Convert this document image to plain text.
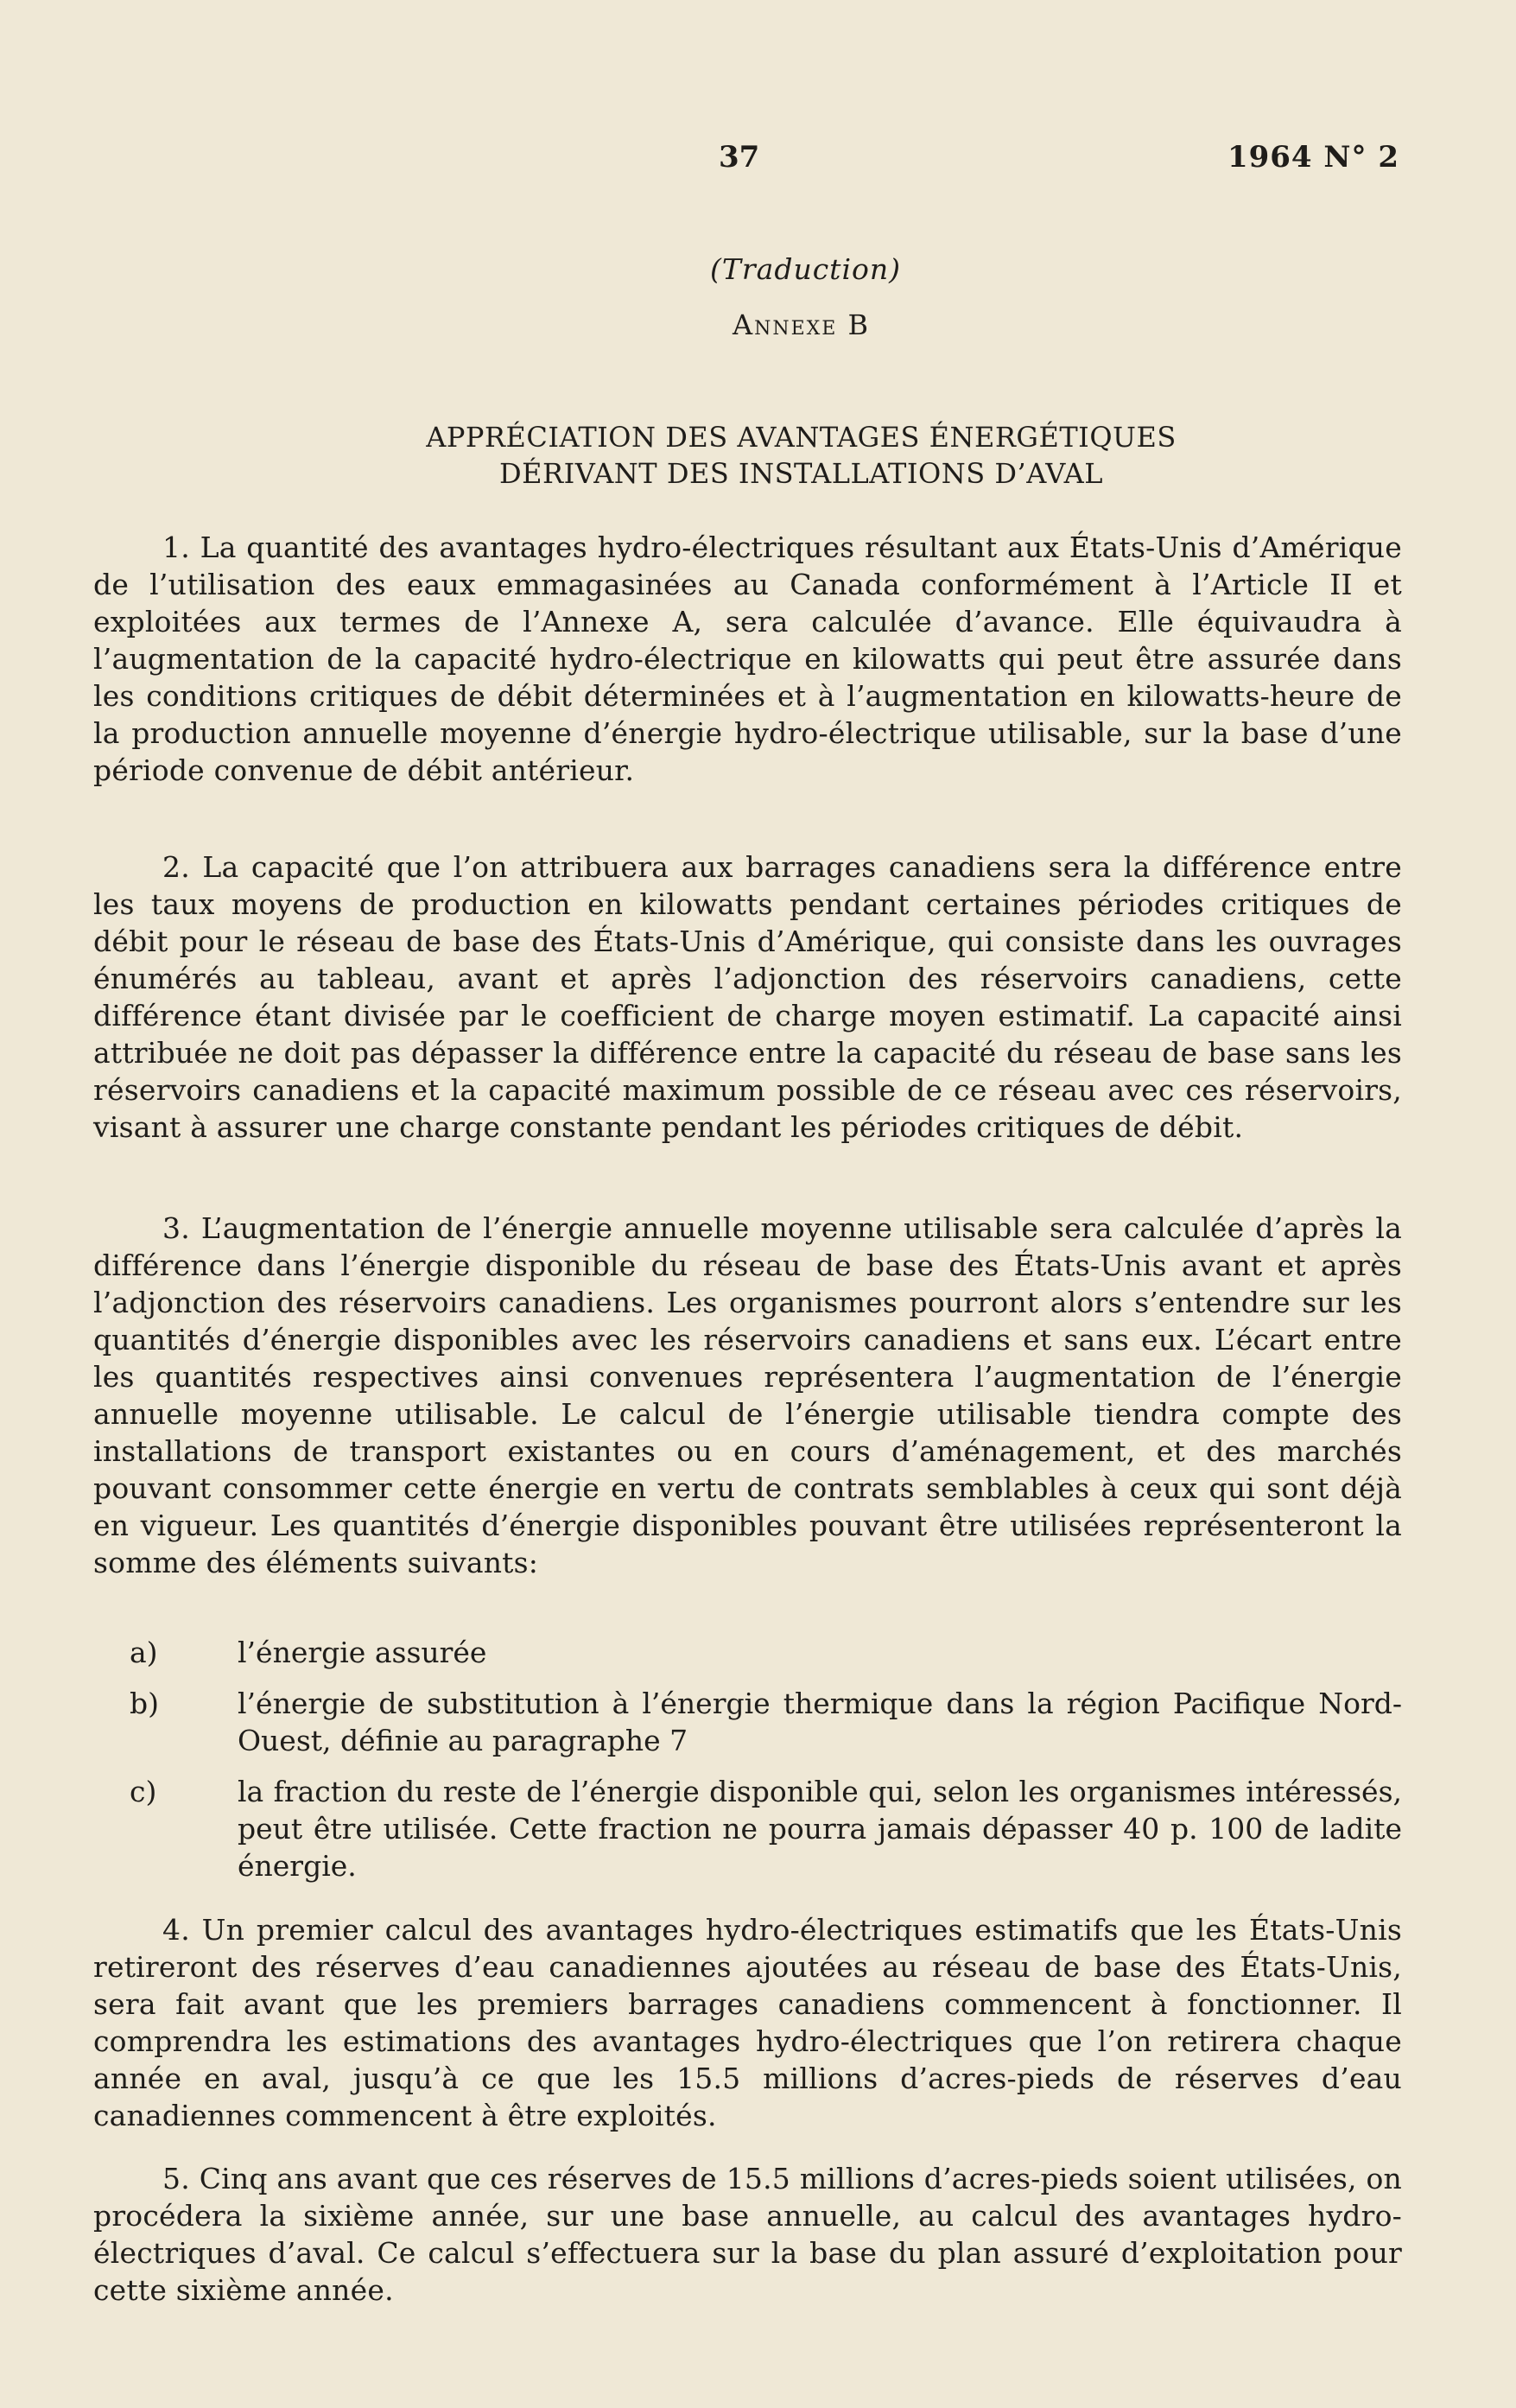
37	1964 N° 2
(Traduction)
Annexe B
APPRÉCIATION DES AVANTAGES ÉNERGÉTIQUES
DÉRIVANT DES INSTALLATIONS D’AVAL

1. La quantité des avantages hydro-électriques résultant aux États-Unis d’Amérique de l’utilisation des eaux emmagasinées au Canada conformément à l’Article II et exploitées aux termes de l’Annexe A, sera calculée d’avance. Elle équivaudra à l’augmentation de la capacité hydro-électrique en kilowatts qui peut être assurée dans les conditions critiques de débit déterminées et à l’augmentation en kilowatts-heure de la production annuelle moyenne d’énergie hydro-électrique utilisable, sur la base d’une période convenue de débit antérieur.

2. La capacité que l’on attribuera aux barrages canadiens sera la différence entre les taux moyens de production en kilowatts pendant certaines périodes critiques de débit pour le réseau de base des États-Unis d’Amérique, qui consiste dans les ouvrages énumérés au tableau, avant et après l’adjonction des réservoirs canadiens, cette différence étant divisée par le coefficient de charge moyen estimatif. La capacité ainsi attribuée ne doit pas dépasser la différence entre la capacité du réseau de base sans les réservoirs canadiens et la capacité maximum possible de ce réseau avec ces réservoirs, visant à assurer une charge constante pendant les périodes critiques de débit.

3. L’augmentation de l’énergie annuelle moyenne utilisable sera calculée d’après la différence dans l’énergie disponible du réseau de base des États-Unis avant et après l’adjonction des réservoirs canadiens. Les organismes pourront alors s’entendre sur les quantités d’énergie disponibles avec les réservoirs canadiens et sans eux. L’écart entre les quantités respectives ainsi convenues représentera l’augmentation de l’énergie annuelle moyenne utilisable. Le calcul de l’énergie utilisable tiendra compte des installations de transport existantes ou en cours d’aménagement, et des marchés pouvant consommer cette énergie en vertu de contrats semblables à ceux qui sont déjà en vigueur. Les quantités d’énergie disponibles pouvant être utilisées représenteront la somme des éléments suivants:

a)	l’énergie assurée
b)	l’énergie de substitution à l’énergie thermique dans la région Pacifique Nord-Ouest, définie au paragraphe 7
c)	la fraction du reste de l’énergie disponible qui, selon les organismes intéressés, peut être utilisée. Cette fraction ne pourra jamais dépasser 40 p. 100 de ladite énergie.

4. Un premier calcul des avantages hydro-électriques estimatifs que les États-Unis retireront des réserves d’eau canadiennes ajoutées au réseau de base des États-Unis, sera fait avant que les premiers barrages canadiens commencent à fonctionner. Il comprendra les estimations des avantages hydro-électriques que l’on retirera chaque année en aval, jusqu’à ce que les 15.5 millions d’acres-pieds de réserves d’eau canadiennes commencent à être exploités.

5. Cinq ans avant que ces réserves de 15.5 millions d’acres-pieds soient utilisées, on procédera la sixième année, sur une base annuelle, au calcul des avantages hydro-électriques d’aval. Ce calcul s’effectuera sur la base du plan assuré d’exploitation pour cette sixième année.
